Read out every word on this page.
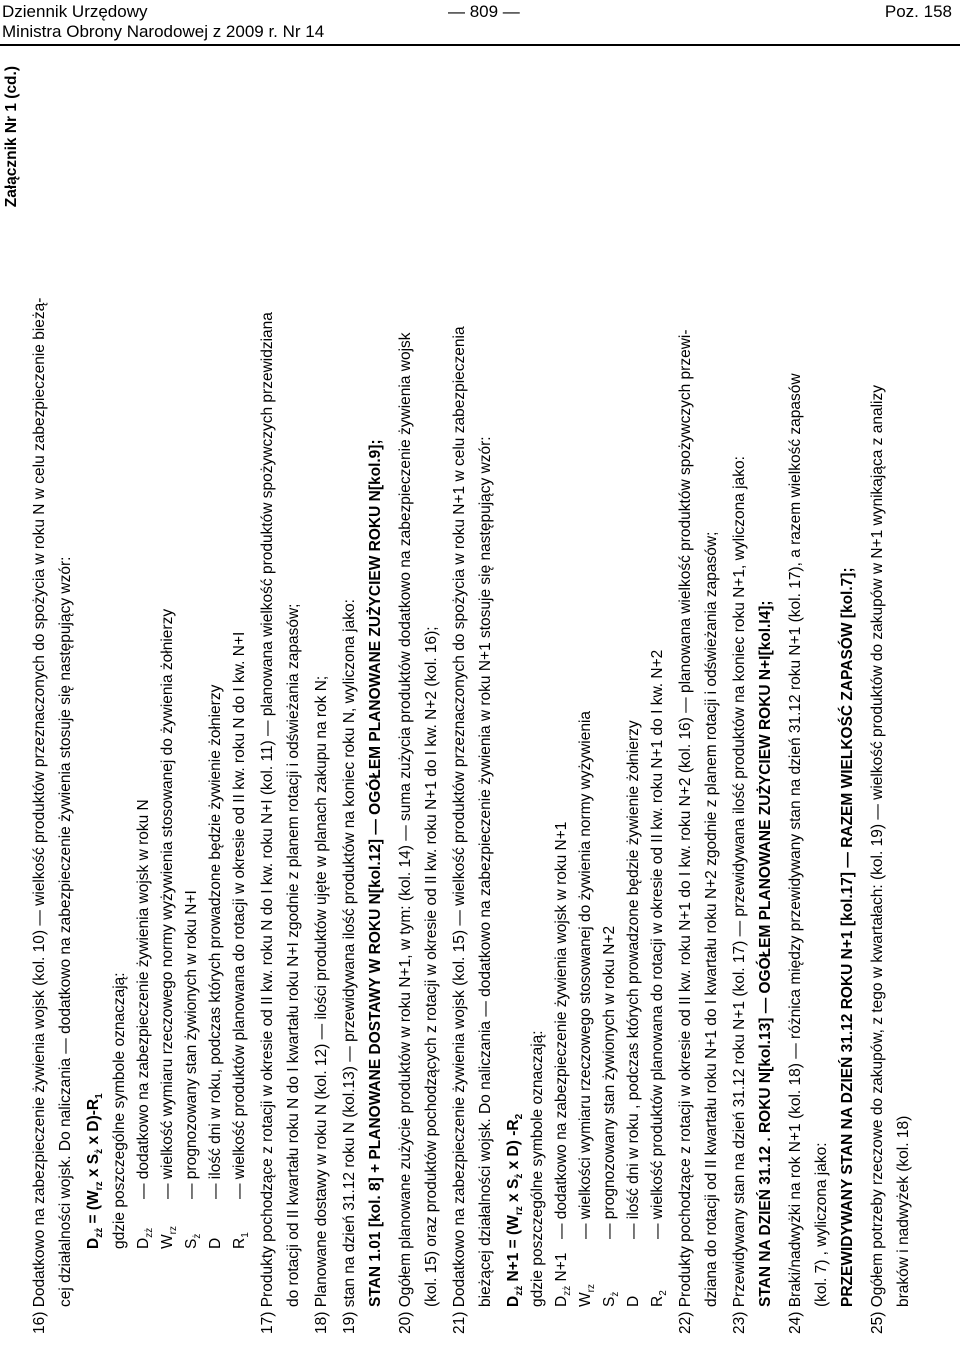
Dziennik Urzędowy
Ministra Obrony Narodowej z 2009 r. Nr 14
— 809 —	Poz. 158
Załącznik Nr 1 (cd.)
16) Dodatkowo na zabezpieczenie żywienia wojsk (kol. 10) — wielkość produktów przeznaczonych do spożycia w roku N w celu zabezpieczenie bieżą- cej działalności wojsk. Do naliczania — dodatkowo na zabezpieczenie żywienia stosuje się następujący wzór: $D_{zż} = (W_{rz}$ x $S_ż$ x $D)-R_1$ gdzie poszczególne symbole oznaczają: $D_{zż}$
— dodatkowo na zabezpieczenie żywienia wojsk w roku N
$W_{rz}$
— wielkość wymiaru rzeczowego normy wyżywienia stosowanej do żywienia żołnierzy
$S_ż$
— prognozowany stan żywionych w roku N+I
D
— ilość dni w roku, podczas których prowadzone będzie żywienie żołnierzy
$R_1$
— wielkość produktów planowana do rotacji w okresie od II kw. roku N do I kw. N+I 17) Produkty pochodzące z rotacji w okresie od II kw. roku N do I kw. roku N+I (kol. 11) — planowana wielkość produktów spożywczych przewidziana do rotacji od II kwartału roku N do I kwartału roku N+I zgodnie z planem rotacji i odświeżania zapasów; 18) Planowane dostawy w roku N (kol. 12) — ilości produktów ujęte w planach zakupu na rok N; 19) stan na dzień 31.12 roku N (kol.13) — przewidywana ilość produktów na koniec roku N, wyliczona jako: STAN 1.01 [kol. 8] + PLANOWANE DOSTAWY W ROKU N[kol.12] — OGÓŁEM PLANOWANE ZUŻYCIEW ROKU N[kol.9]; 20) Ogółem planowane zużycie produktów w roku N+1, w tym: (kol. 14) — suma zużycia produktów dodatkowo na zabezpieczenie żywienia wojsk (kol. 15) oraz produktów pochodzących z rotacji w okresie od II kw. roku N+1 do I kw. N+2 (kol. 16); 21) Dodatkowo na zabezpieczenie żywienia wojsk (kol. 15) — wielkość produktów przeznaczonych do spożycia w roku N+1 w celu zabezpieczenia bieżącej działalności wojsk. Do naliczania — dodatkowo na zabezpieczenie żywienia w roku N+1 stosuje się następujący wzór: $D_{zż}$ $N+1 = (W_{rz}$ x $S_ż$ x D) $-R_2$ gdzie poszczególne symbole oznaczają: $D_{zż}$ N+1
— dodatkowo na zabezpieczenie żywienia wojsk w roku N+1
$W_{rz}$
— wielkości wymiaru rzeczowego stosowanej do żywienia normy wyżywienia
$S_ż$
— prognozowany stan żywionych w roku N+2
D
— ilość dni w roku , podczas których prowadzone będzie żywienie żołnierzy
$R_2$
— wielkość produktów planowana do rotacji w okresie od II kw. roku N+1 do I kw. N+2 22) Produkty pochodzące z rotacji w okresie od II kw. roku N+1 do I kw. roku N+2 (kol. 16) — planowana wielkość produktów spożywczych przewi- dziana do rotacji od II kwartału roku N+1 do I kwartału roku N+2 zgodnie z planem rotacji i odświeżania zapasów; 23) Przewidywany stan na dzień 31.12 roku N+1 (kol. 17) — przewidywana ilość produktów na koniec roku N+1, wyliczona jako: STAN NA DZIEŃ 31.12 . ROKU N[kol.13] — OGÓŁEM PLANOWANE ZUŻYCIEW ROKU N+I[kol.I4]; 24) Braki/nadwyżki na rok N+1 (kol. 18) — różnica między przewidywany stan na dzień 31.12 roku N+1 (kol. 17), a razem wielkość zapasów (kol. 7) , wyliczona jako: PRZEWIDYWANY STAN NA DZIEŃ 31.12 ROKU N+1 [kol.17] — RAZEM WIELKOŚĆ ZAPASÓW [kol.7]; 25) Ogółem potrzeby rzeczowe do zakupów, z tego w kwartałach: (kol. 19) — wielkość produktów do zakupów w N+1 wynikająca z analizy braków i nadwyżek (kol. 18)
